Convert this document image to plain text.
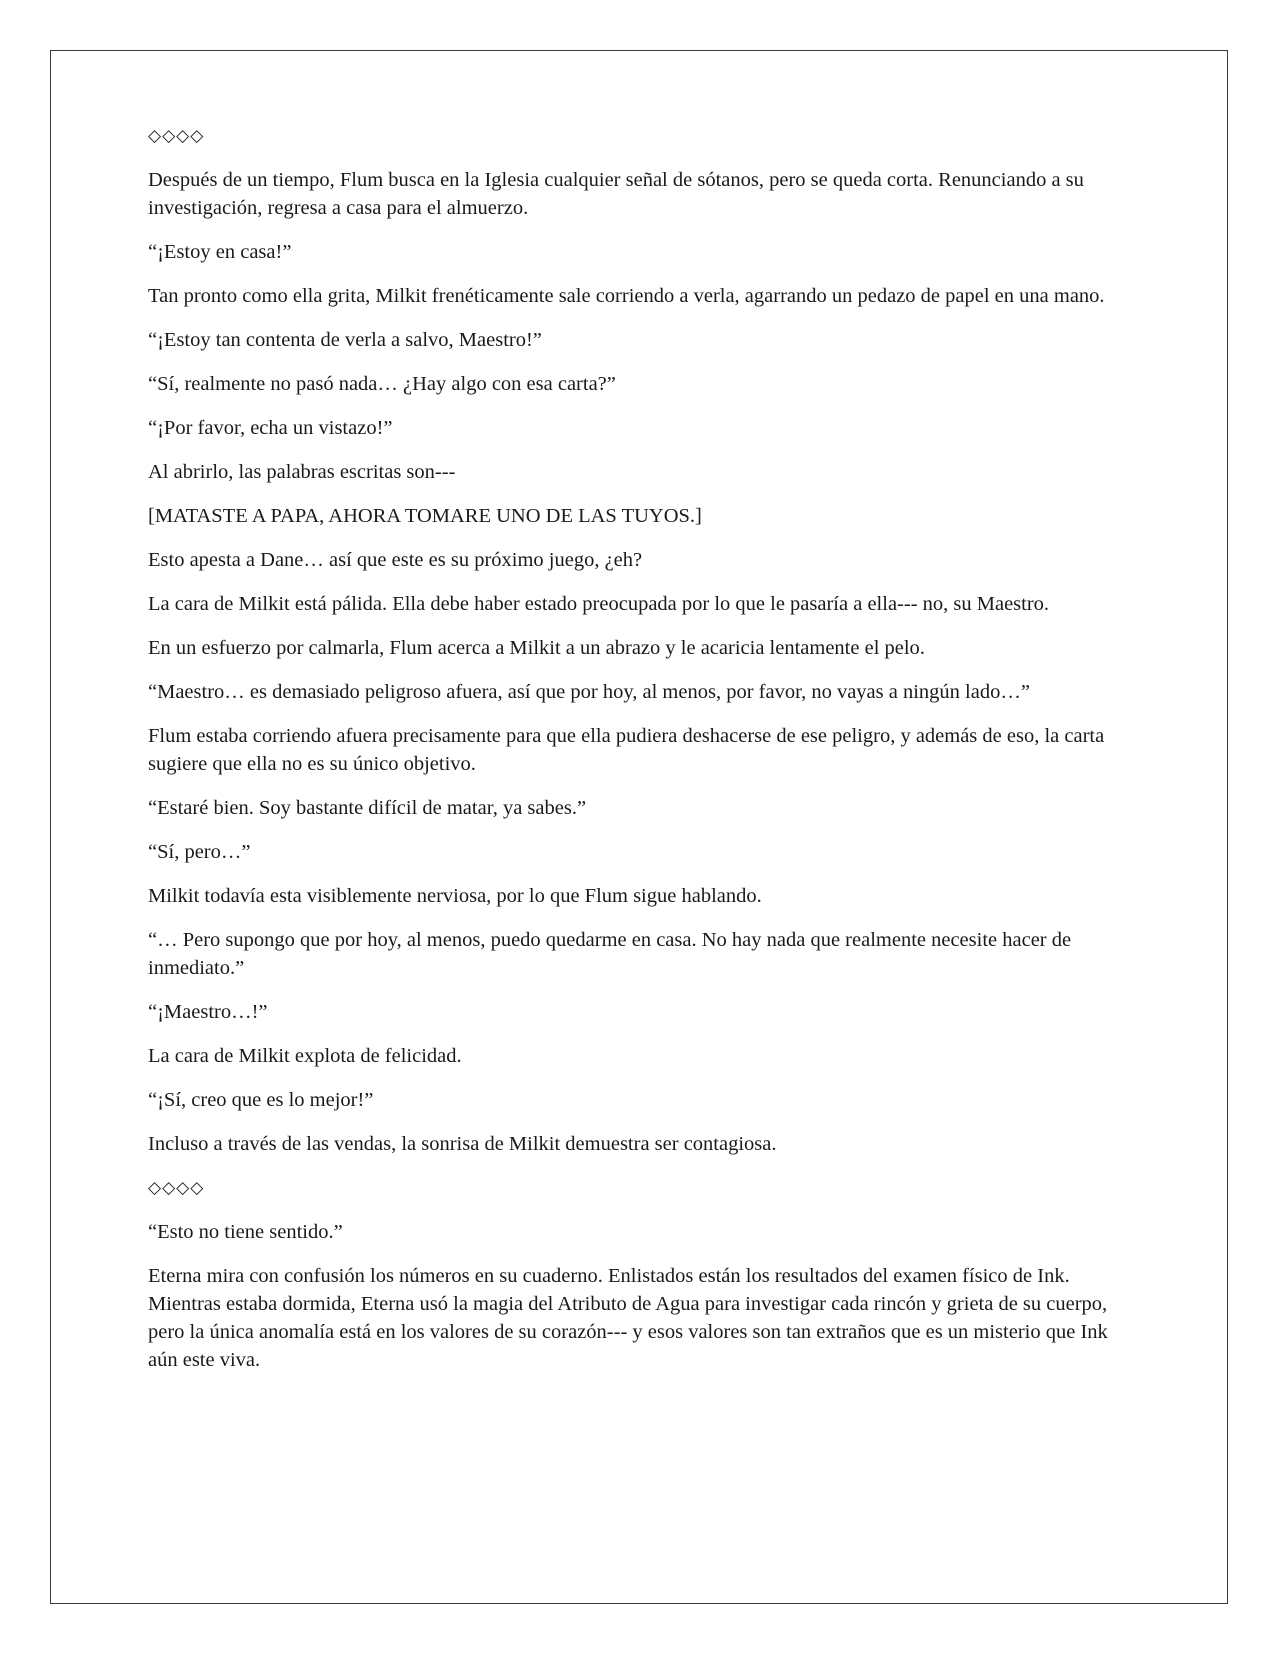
◇◇◇◇

Después de un tiempo, Flum busca en la Iglesia cualquier señal de sótanos, pero se queda corta. Renunciando a su investigación, regresa a casa para el almuerzo.

“¡Estoy en casa!”

Tan pronto como ella grita, Milkit frenéticamente sale corriendo a verla, agarrando un pedazo de papel en una mano.

“¡Estoy tan contenta de verla a salvo, Maestro!”

“Sí, realmente no pasó nada… ¿Hay algo con esa carta?”

“¡Por favor, echa un vistazo!”

Al abrirlo, las palabras escritas son---

[MATASTE A PAPA, AHORA TOMARE UNO DE LAS TUYOS.]

Esto apesta a Dane… así que este es su próximo juego, ¿eh?

La cara de Milkit está pálida. Ella debe haber estado preocupada por lo que le pasaría a ella--- no, su Maestro.

En un esfuerzo por calmarla, Flum acerca a Milkit a un abrazo y le acaricia lentamente el pelo.

“Maestro… es demasiado peligroso afuera, así que por hoy, al menos, por favor, no vayas a ningún lado…”

Flum estaba corriendo afuera precisamente para que ella pudiera deshacerse de ese peligro, y además de eso, la carta sugiere que ella no es su único objetivo.

“Estaré bien. Soy bastante difícil de matar, ya sabes.”

“Sí, pero…”

Milkit todavía esta visiblemente nerviosa, por lo que Flum sigue hablando.

“… Pero supongo que por hoy, al menos, puedo quedarme en casa. No hay nada que realmente necesite hacer de inmediato.”

“¡Maestro…!”

La cara de Milkit explota de felicidad.

“¡Sí, creo que es lo mejor!”

Incluso a través de las vendas, la sonrisa de Milkit demuestra ser contagiosa.

◇◇◇◇

“Esto no tiene sentido.”

Eterna mira con confusión los números en su cuaderno. Enlistados están los resultados del examen físico de Ink. Mientras estaba dormida, Eterna usó la magia del Atributo de Agua para investigar cada rincón y grieta de su cuerpo, pero la única anomalía está en los valores de su corazón--- y esos valores son tan extraños que es un misterio que Ink aún este viva.
